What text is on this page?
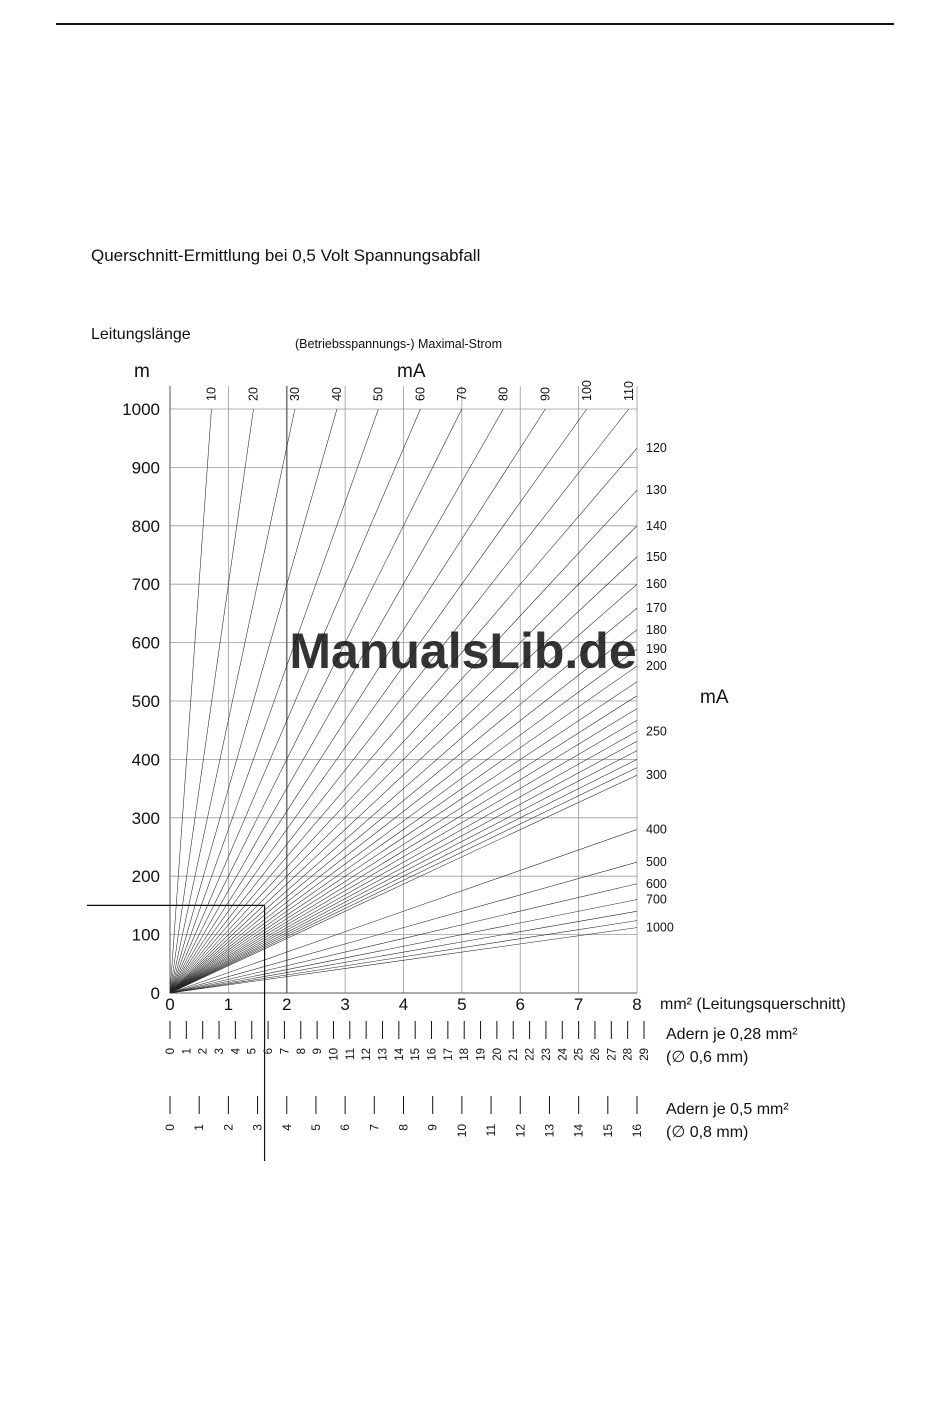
Querschnitt-Ermittlung bei 0,5 Volt Spannungsabfall
ManualsLib.de
0
100
200
300
400
500
600
700
800
900
1000
0	1	2	3	4	5	6	7	8
Leitungslänge
m
mm² (Leitungsquerschnitt)
(Betriebsspannungs-) Maximal-Strom
mA
mA
10 20 30 40 50 60 70 80 90 100 110
120
130
140
150
160
170
180
190
200
250
300
400
500
600
700
1000
0 1 2 3 4 5 6 7 8 9 10 11 12 13 14 15 16 17 18 19 20 21 22 23 24 25 26 27 28 29
Adern je 0,28 mm²
(∅ 0,6 mm)
0 1 2 3 4 5 6 7 8 9 10 11 12 13 14 15 16
Adern je 0,5 mm²
(∅ 0,8 mm)
